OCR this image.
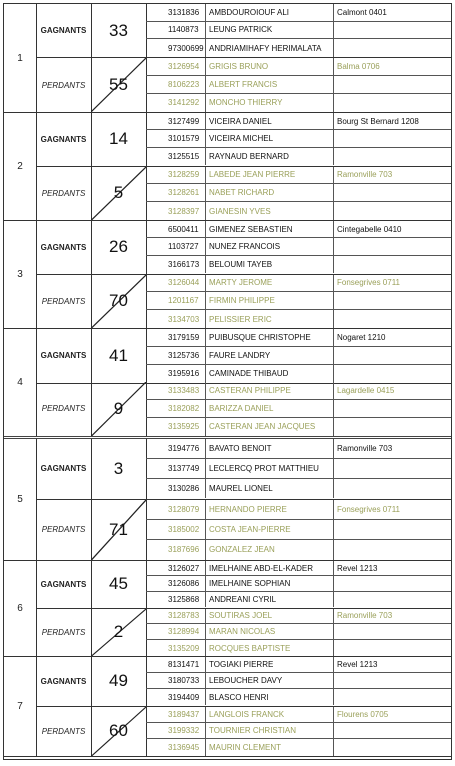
1
GAGNANTS	33
3131836	AMBDOUROIOUF ALI	Calmont 0401
1140873	LEUNG PATRICK
97300699 ANDRIAMIHAFY HERIMALATA
PERDANTS	55
3126954	GRIGIS BRUNO	Balma 0706
8106223	ALBERT FRANCIS
3141292	MONCHO THIERRY
2
GAGNANTS	14
3127499	VICEIRA DANIEL	Bourg St Bernard 1208
3101579	VICEIRA MICHEL
3125515	RAYNAUD BERNARD
PERDANTS	5
3128259	LABEDE JEAN PIERRE	Ramonville 703
3128261	NABET RICHARD
3128397	GIANESIN YVES
3
GAGNANTS	26
6500411	GIMENEZ SEBASTIEN	Cintegabelle 0410
1103727	NUNEZ FRANCOIS
3166173	BELOUMI TAYEB
PERDANTS	70
3126044	MARTY JEROME	Fonsegrives 0711
1201167	FIRMIN PHILIPPE
3134703	PELISSIER ERIC
4
GAGNANTS	41
3179159	PUIBUSQUE CHRISTOPHE	Nogaret 1210
3125736	FAURE LANDRY
3195916	CAMINADE THIBAUD
PERDANTS	9
3133483	CASTERAN PHILIPPE	Lagardelle 0415
3182082	BARIZZA DANIEL
3135925	CASTERAN JEAN JACQUES
5
GAGNANTS	3
3194776	BAVATO BENOIT	Ramonville 703
3137749	LECLERCQ PROT MATTHIEU
3130286	MAUREL LIONEL
PERDANTS	71
3128079	HERNANDO PIERRE	Fonsegrives 0711
3185002	COSTA JEAN-PIERRE
3187696	GONZALEZ JEAN
6
GAGNANTS	45
3126027	IMELHAINE ABD-EL-KADER	Revel 1213
3126086	IMELHAINE SOPHIAN
3125868	ANDREANI CYRIL
PERDANTS	2
3128783	SOUTIRAS JOEL	Ramonville 703
3128994	MARAN NICOLAS
3135209	ROCQUES BAPTISTE
7
GAGNANTS	49
8131471	TOGIAKI PIERRE	Revel 1213
3180733	LEBOUCHER DAVY
3194409	BLASCO HENRI
PERDANTS	60
3189437	LANGLOIS FRANCK	Flourens 0705
3199332	TOURNIER CHRISTIAN
3136945	MAURIN CLEMENT
